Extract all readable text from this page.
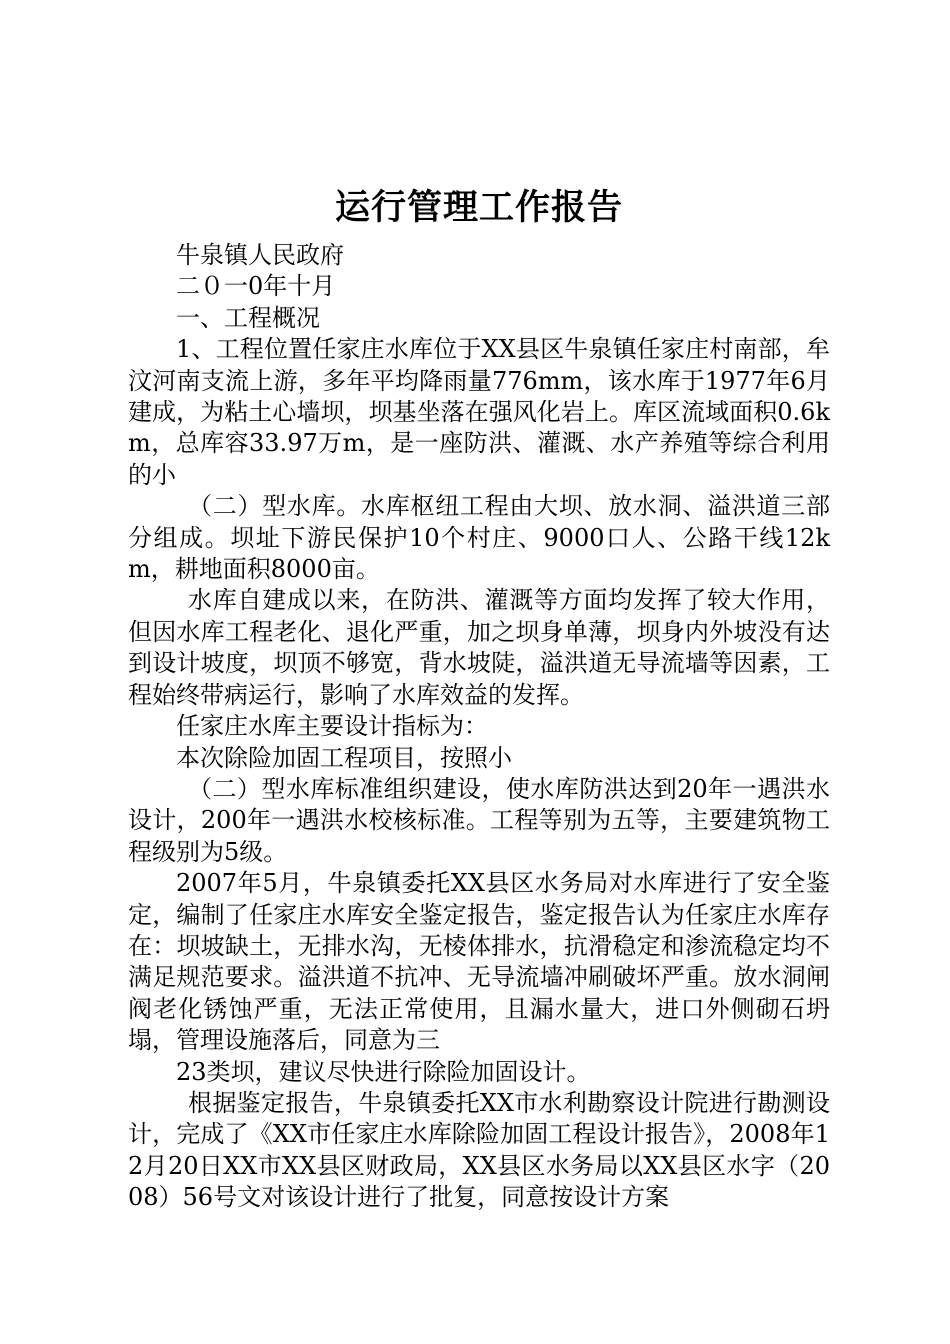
运行管理工作报告

牛泉镇人民政府

二０一0年十月

一、工程概况

1、工程位置任家庄水库位于XX县区牛泉镇任家庄村南部，牟汶河南支流上游，多年平均降雨量776mm，该水库于1977年6月建成，为粘土心墙坝，坝基坐落在强风化岩上。库区流域面积0.6km，总库容33.97万m，是一座防洪、灌溉、水产养殖等综合利用的小

（二）型水库。水库枢纽工程由大坝、放水洞、溢洪道三部分组成。坝址下游民保护10个村庄、9000口人、公路干线12km，耕地面积8000亩。

水库自建成以来，在防洪、灌溉等方面均发挥了较大作用，但因水库工程老化、退化严重，加之坝身单薄，坝身内外坡没有达到设计坡度，坝顶不够宽，背水坡陡，溢洪道无导流墙等因素，工程始终带病运行，影响了水库效益的发挥。

任家庄水库主要设计指标为：

本次除险加固工程项目，按照小

（二）型水库标准组织建设，使水库防洪达到20年一遇洪水设计，200年一遇洪水校核标准。工程等别为五等，主要建筑物工程级别为5级。

2007年5月，牛泉镇委托XX县区水务局对水库进行了安全鉴定，编制了任家庄水库安全鉴定报告，鉴定报告认为任家庄水库存在：坝坡缺土，无排水沟，无棱体排水，抗滑稳定和渗流稳定均不满足规范要求。溢洪道不抗冲、无导流墙冲刷破坏严重。放水洞闸阀老化锈蚀严重，无法正常使用，且漏水量大，进口外侧砌石坍塌，管理设施落后，同意为三

23类坝，建议尽快进行除险加固设计。

根据鉴定报告，牛泉镇委托XX市水利勘察设计院进行勘测设计，完成了《XX市任家庄水库除险加固工程设计报告》，2008年12月20日XX市XX县区财政局，XX县区水务局以XX县区水字（2008）56号文对该设计进行了批复，同意按设计方案
